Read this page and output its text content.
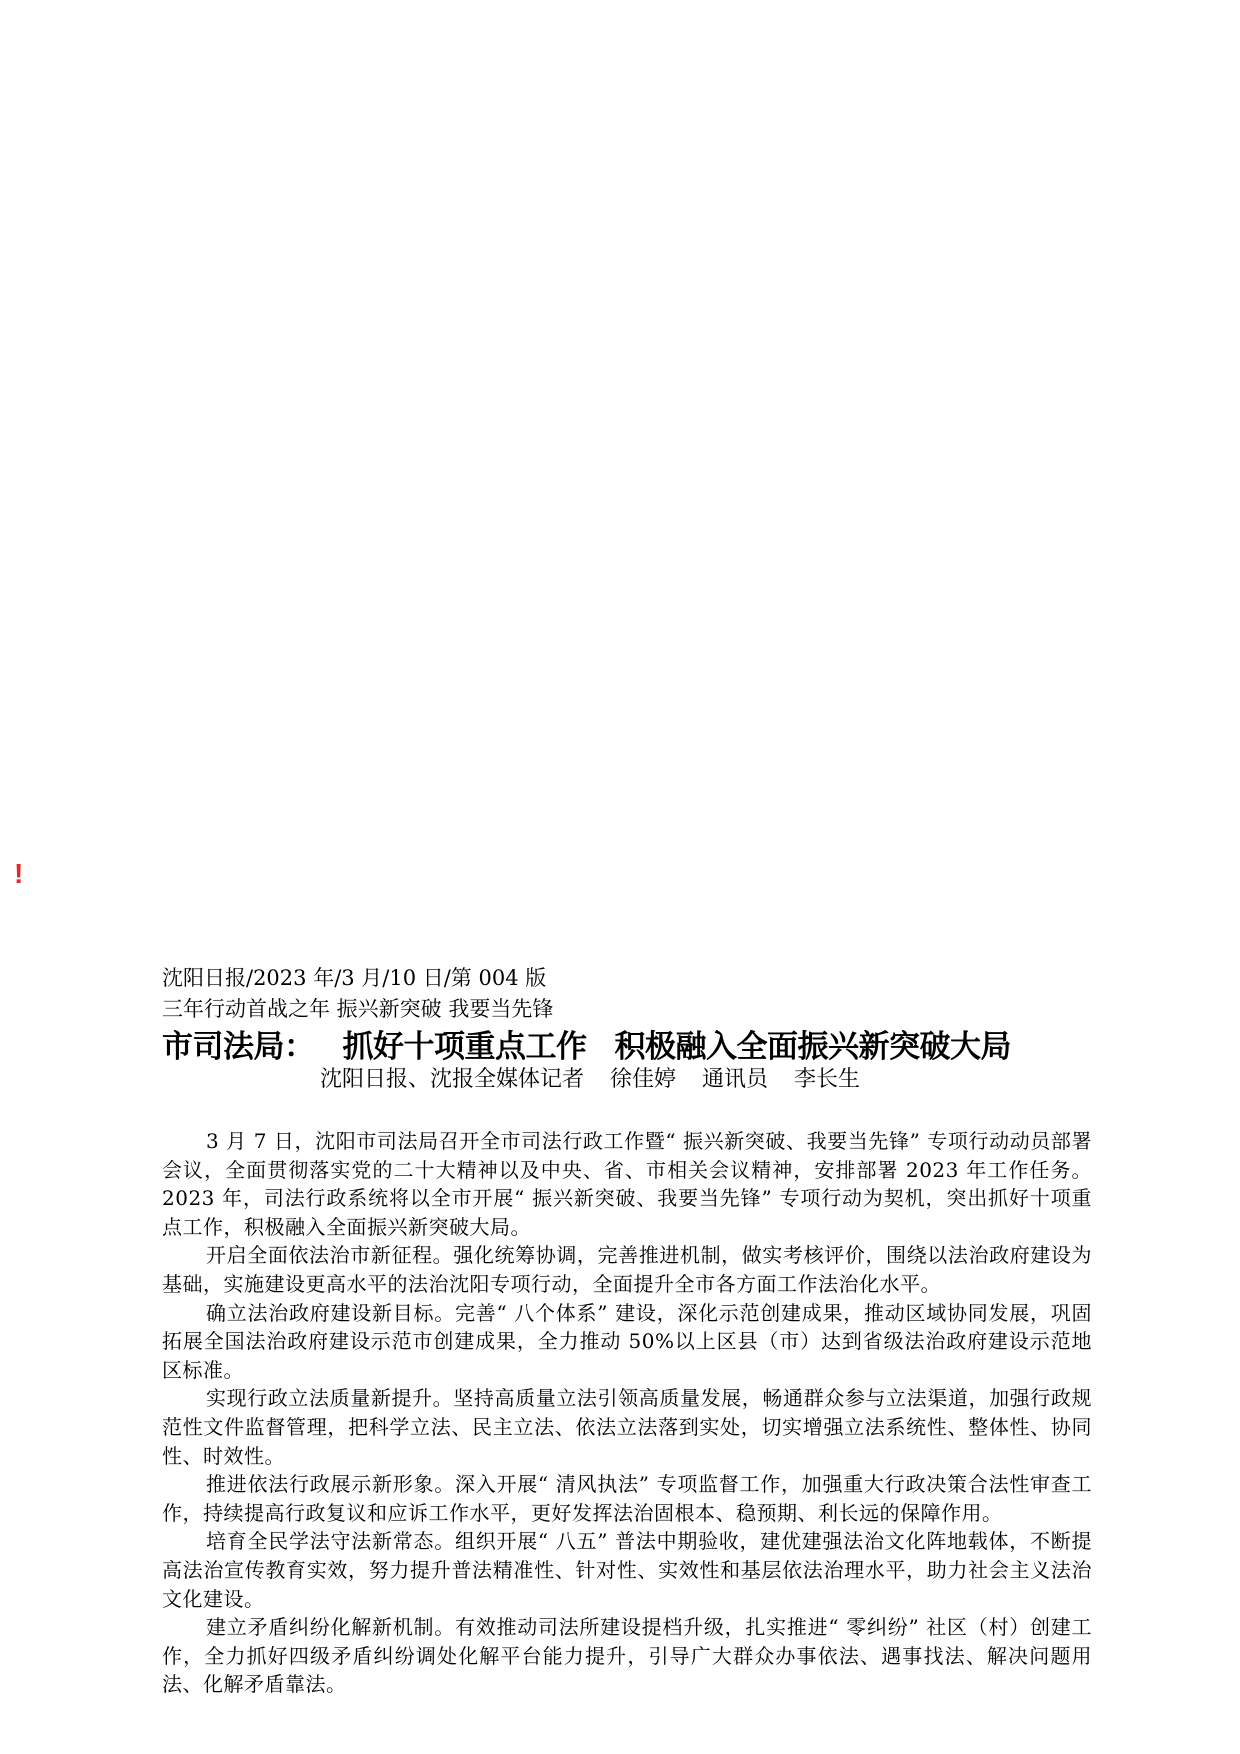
!
沈阳日报/2023 年/3 月/10 日/第 004 版
三年行动首战之年 振兴新突破 我要当先锋
市司法局： 抓好十项重点工作 积极融入全面振兴新突破大局
沈阳日报、沈报全媒体记者 徐佳婷 通讯员 李长生

3 月 7 日，沈阳市司法局召开全市司法行政工作暨“ 振兴新突破、我要当先锋” 专项行动动员部署会议，全面贯彻落实党的二十大精神以及中央、省、市相关会议精神，安排部署 2023 年工作任务。2023 年，司法行政系统将以全市开展“ 振兴新突破、我要当先锋” 专项行动为契机，突出抓好十项重点工作，积极融入全面振兴新突破大局。

开启全面依法治市新征程。强化统筹协调，完善推进机制，做实考核评价，围绕以法治政府建设为基础，实施建设更高水平的法治沈阳专项行动，全面提升全市各方面工作法治化水平。

确立法治政府建设新目标。完善“ 八个体系” 建设，深化示范创建成果，推动区域协同发展，巩固拓展全国法治政府建设示范市创建成果，全力推动 50%以上区县（市）达到省级法治政府建设示范地区标准。

实现行政立法质量新提升。坚持高质量立法引领高质量发展，畅通群众参与立法渠道，加强行政规范性文件监督管理，把科学立法、民主立法、依法立法落到实处，切实增强立法系统性、整体性、协同性、时效性。

推进依法行政展示新形象。深入开展“ 清风执法” 专项监督工作，加强重大行政决策合法性审查工作，持续提高行政复议和应诉工作水平，更好发挥法治固根本、稳预期、利长远的保障作用。

培育全民学法守法新常态。组织开展“ 八五” 普法中期验收，建优建强法治文化阵地载体，不断提高法治宣传教育实效，努力提升普法精准性、针对性、实效性和基层依法治理水平，助力社会主义法治文化建设。

建立矛盾纠纷化解新机制。有效推动司法所建设提档升级，扎实推进“ 零纠纷” 社区（村）创建工作，全力抓好四级矛盾纠纷调处化解平台能力提升，引导广大群众办事依法、遇事找法、解决问题用法、化解矛盾靠法。
